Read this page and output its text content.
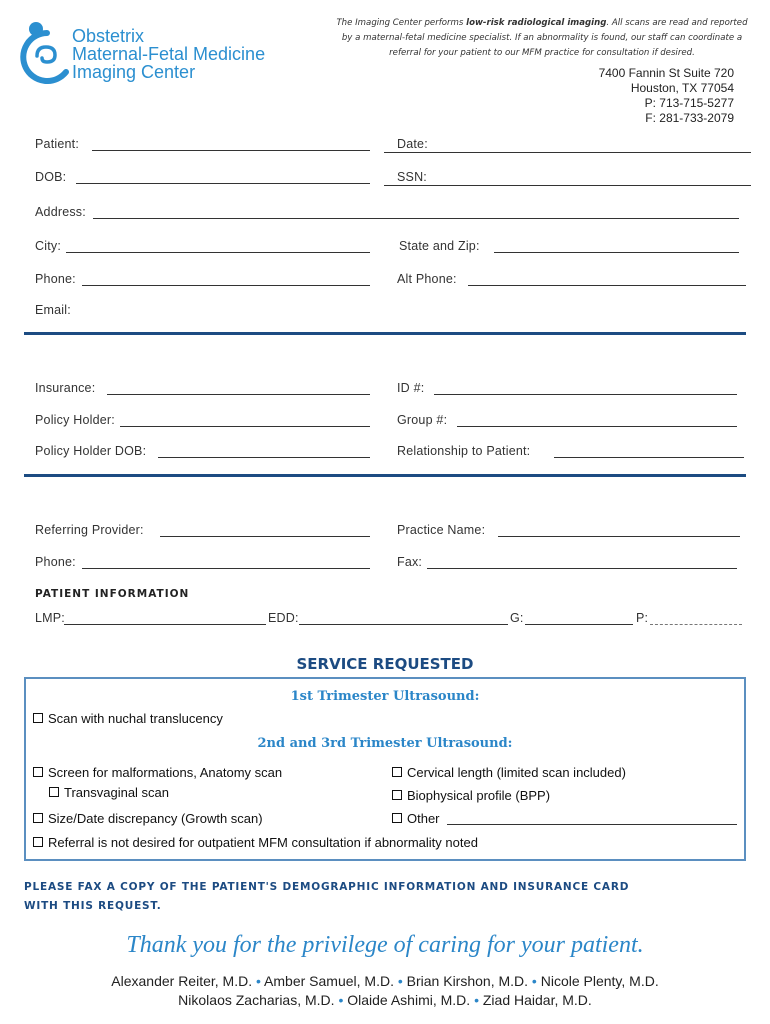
Obstetrix
Maternal-Fetal Medicine
Imaging Center
The Imaging Center performs low-risk radiological imaging. All scans are read and reported by a maternal-fetal medicine specialist. If an abnormality is found, our staff can coordinate a referral for your patient to our MFM practice for consultation if desired.
7400 Fannin St Suite 720
Houston, TX 77054
P: 713-715-5277
F: 281-733-2079
Patient:	Date:
DOB:	SSN:
Address:
City:	State and Zip:
Phone:	Alt Phone:
Email:
Insurance:	ID #:
Policy Holder:	Group #:
Policy Holder DOB:	Relationship to Patient:
Referring Provider:	Practice Name:
Phone:	Fax:
PATIENT INFORMATION
LMP:	EDD:	G:	P:
SERVICE REQUESTED
1st Trimester Ultrasound:
Scan with nuchal translucency
2nd and 3rd Trimester Ultrasound:
Screen for malformations, Anatomy scan
Transvaginal scan
Size/Date discrepancy (Growth scan)
Cervical length (limited scan included)
Biophysical profile (BPP)
Other
Referral is not desired for outpatient MFM consultation if abnormality noted
PLEASE FAX A COPY OF THE PATIENT'S DEMOGRAPHIC INFORMATION AND INSURANCE CARD
WITH THIS REQUEST.
Thank you for the privilege of caring for your patient.
Alexander Reiter, M.D. • Amber Samuel, M.D. • Brian Kirshon, M.D. • Nicole Plenty, M.D.
Nikolaos Zacharias, M.D. • Olaide Ashimi, M.D. • Ziad Haidar, M.D.
